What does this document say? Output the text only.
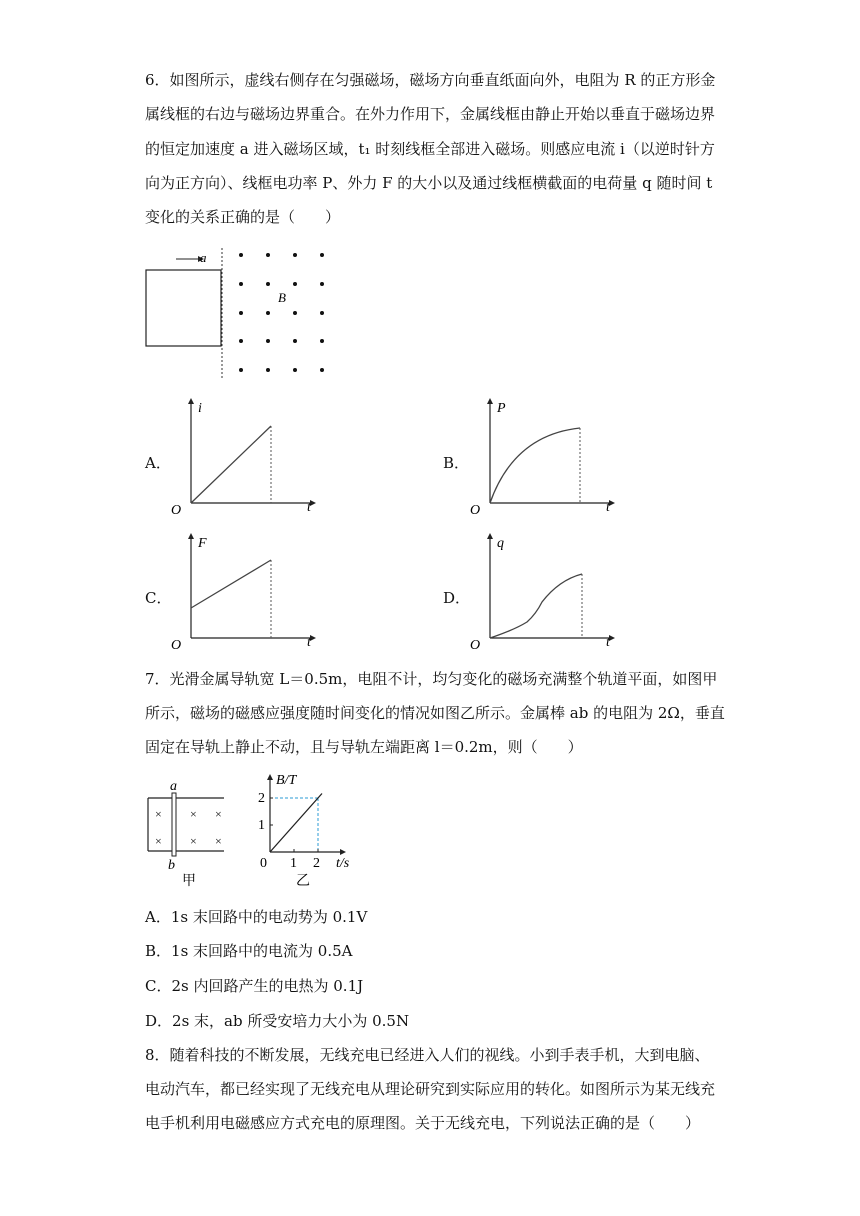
6．如图所示，虚线右侧存在匀强磁场，磁场方向垂直纸面向外，电阻为 R 的正方形金
属线框的右边与磁场边界重合。在外力作用下，金属线框由静止开始以垂直于磁场边界
的恒定加速度 a 进入磁场区域，t₁ 时刻线框全部进入磁场。则感应电流 i（以逆时针方
向为正方向）、线框电功率 P、外力 F 的大小以及通过线框横截面的电荷量 q 随时间 t
变化的关系正确的是（　　）
a
B
A．
i
t
O
B．
P
t
O
C．
F
t
O
D．
q
t
O
7．光滑金属导轨宽 L＝0.5m，电阻不计，均匀变化的磁场充满整个轨道平面，如图甲
所示，磁场的磁感应强度随时间变化的情况如图乙所示。金属棒 ab 的电阻为 2Ω，垂直
固定在导轨上静止不动，且与导轨左端距离 l＝0.2m，则（　　）
×
×
×
×
×
×
a
b
甲
B/T
t/s
2
1
0 1 2
乙
A．1s 末回路中的电动势为 0.1V
B．1s 末回路中的电流为 0.5A
C．2s 内回路产生的电热为 0.1J
D．2s 末，ab 所受安培力大小为 0.5N
8．随着科技的不断发展，无线充电已经进入人们的视线。小到手表手机，大到电脑、
电动汽车，都已经实现了无线充电从理论研究到实际应用的转化。如图所示为某无线充
电手机利用电磁感应方式充电的原理图。关于无线充电，下列说法正确的是（　　）
